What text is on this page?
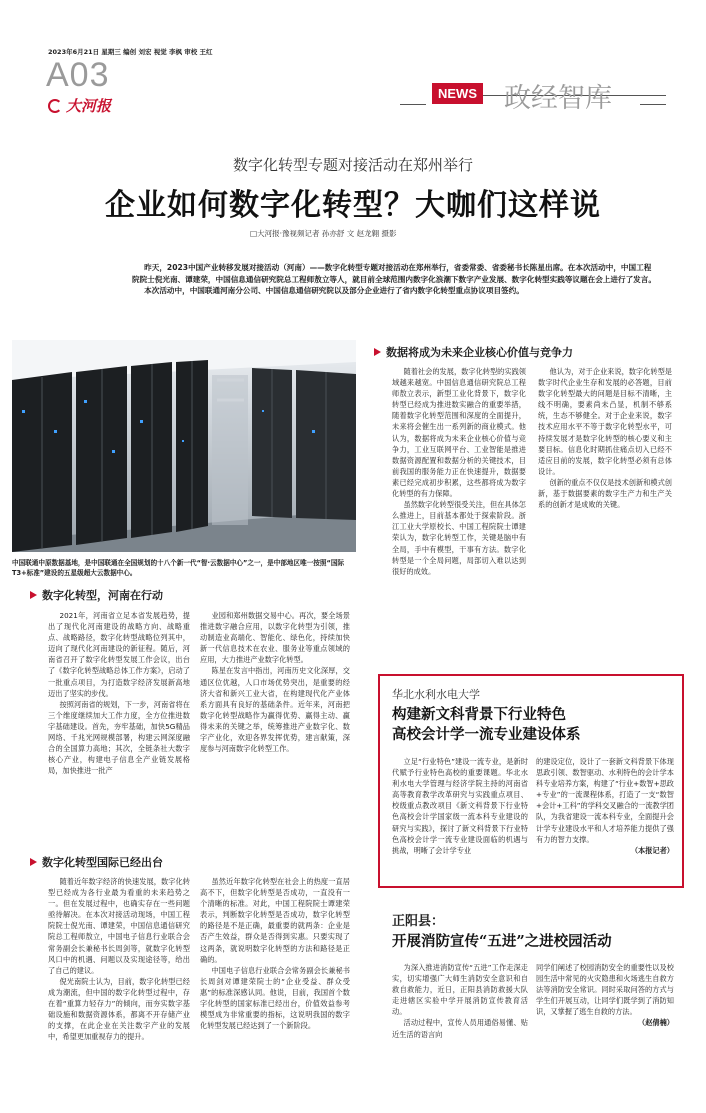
2023年6月21日 星期三 编创 刘宏 视觉 李枫 审校 王红
A03
大河报
NEWS 政经智库
数字化转型专题对接活动在郑州举行
企业如何数字化转型？大咖们这样说
□大河报·豫视频记者 孙亦舒 文 赵龙翱 摄影

昨天，2023中国产业转移发展对接活动（河南）——数字化转型专题对接活动在郑州举行，省委常委、省委秘书长陈星出席。在本次活动中，中国工程院院士倪光南、谭建荣，中国信息通信研究院总工程师敖立等人，就目前全球范围内数字化浪潮下数字产业发展、数字化转型实践等议题在会上进行了发言。

本次活动中，中国联通河南分公司、中国信息通信研究院以及部分企业进行了省内数字化转型重点协议项目签约。

中国联通中原数据基地，是中国联通在全国规划的十八个新一代“智·云数据中心”之一，是中部地区唯一按照“国际T3+标准”建设的五星级超大云数据中心。
数据将成为未来企业核心价值与竞争力

随着社会的发展，数字化转型的实践领域越来越宽。中国信息通信研究院总工程师敖立表示，新型工业化背景下，数字化转型已经成为推进数实融合的重要举措，随着数字化转型范围和深度的全面提升，未来将会催生出一系列新的商业模式。他认为，数据将成为未来企业核心价值与竞争力，工业互联网平台、工业智能是推进数据资源配置和数据分析的关键技术，目前我国的服务能力正在快速提升，数据要素已经完成初步积累，这些都将成为数字化转型的有力保障。

虽然数字化转型很受关注，但在具体怎么推进上，目前基本都处于探索阶段。浙江工业大学原校长、中国工程院院士谭建荣认为，数字化转型工作，关键是脑中有全局，手中有模型，干事有方法。数字化转型是一个全局问题，局部切入难以达到很好的成效。

他认为，对于企业来说，数字化转型是数字时代企业生存和发展的必答题，目前数字化转型最大的问题是目标不清晰，主线不明确，要素尚未凸显，机制不够系统，生态不够健全。对于企业来说，数字技术应用水平不等于数字化转型水平，可持续发展才是数字化转型的核心要义和主要目标。信息化时期抓住痛点切入已经不适应目前的发展，数字化转型必须有总体设计。

创新的重点不仅仅是技术创新和模式创新，基于数据要素的数字生产力和生产关系的创新才是成败的关键。

数字化转型，河南在行动

2021年，河南省立足本省发展趋势，提出了现代化河南建设的战略方向、战略重点、战略路径，数字化转型战略位列其中，迈向了现代化河南建设的新征程。随后，河南省召开了数字化转型发展工作会议，出台了《数字化转型战略总体工作方案》，启动了一批重点项目，为打造数字经济发展新高地迈出了坚实的步伐。

按照河南省的规划，下一步，河南省将在三个维度继续加大工作力度，全方位推进数字基础建设。首先，夯牢基础，加快5G精品网络、千兆光网规模部署，构建云网深度融合的全国算力高地；其次，全链条社大数字核心产业，构建电子信息全产业链发展格局，加快推进一批产

业园和郑州数据交易中心。再次，要全场景推进数字融合应用，以数字化转型为引领，推动制造业高端化、智能化、绿色化，持续加快新一代信息技术在农业、服务业等重点领域的应用，大力推进产业数字化转型。

陈星在发言中指出，河南历史文化深厚，交通区位优越，人口市场优势突出，是重要的经济大省和新兴工业大省，在构建现代化产业体系方面具有良好的基础条件。近年来，河南把数字化转型战略作为赢得优势、赢得主动、赢得未来的关键之举，统筹推进产业数字化、数字产业化，欢迎各界发挥优势，建言献策，深度参与河南数字化转型工作。

数字化转型国际已经出台

随着近年数字经济的快速发展，数字化转型已经成为各行业最为看重的未来趋势之一。但在发展过程中，也确实存在一些问题亟待解决。在本次对接活动现场，中国工程院院士倪光南、谭建荣，中国信息通信研究院总工程师敖立，中国电子信息行业联合会常务副会长兼秘书长周剑等，就数字化转型风口中的机遇、问题以及实现途径等，给出了自己的建议。

倪光南院士认为，目前，数字化转型已经成为潮流，但中国的数字化转型过程中，存在着“重算力轻存力”的倾向，而夯实数字基础设施和数据资源体系，都离不开存储产业的支撑，在此企业在关注数字产业的发展中，希望更加重视存力的提升。

虽然近年数字化转型在社会上的热度一直居高不下，但数字化转型是否成功，一直没有一个清晰的标准。对此，中国工程院院士谭建荣表示，判断数字化转型是否成功，数字化转型的路径是不是正确，最重要的就两条：企业是否产生效益，群众是否得到实惠。只要实现了这两条，就说明数字化转型的方法和路径是正确的。

中国电子信息行业联合会常务副会长兼秘书长周剑对谭建荣院士的“企业受益、群众受惠”的标准深感认同。他说，目前，我国首个数字化转型的国家标准已经出台，价值效益参考模型成为非常重要的指标，这说明我国的数字化转型发展已经达到了一个新阶段。

华北水利水电大学
构建新文科背景下行业特色
高校会计学一流专业建设体系
立足“行业特色”建设一流专业，是新时代赋予行业特色高校的重要课题。华北水利水电大学管理与经济学院主持的河南省高等教育教学改革研究与实践重点项目、校级重点教改项目《新文科背景下行业特色高校会计学国家级一流本科专业建设的研究与实践》，探讨了新文科背景下行业特色高校会计学一流专业建设面临的机遇与挑战，明晰了会计学专业
的建设定位，设计了一套新文科背景下体现思政引领、数智驱动、水利特色的会计学本科专业培养方案，构建了“行业+数智+思政+专业”的一流课程体系，打造了一支“数智+会计+工科”的学科交叉融合的一流教学团队，为我省建设一流本科专业，全面提升会计学专业建设水平和人才培养能力提供了强有力的智力支撑。
（本报记者）
正阳县：
开展消防宣传“五进”之进校园活动

为深入推进消防宣传“五进”工作走深走实，切实增强广大师生消防安全意识和自救自救能力，近日，正阳县消防救援大队走进辖区实验中学开展消防宣传教育活动。

活动过程中，宣传人员用通俗易懂、贴近生活的语言向

同学们阐述了校园消防安全的重要性以及校园生活中常见的火灾隐患和火场逃生自救方法等消防安全常识。同时采取问答的方式与学生们开展互动，让同学们既学到了消防知识，又掌握了逃生自救的方法。
（赵倩楠）
